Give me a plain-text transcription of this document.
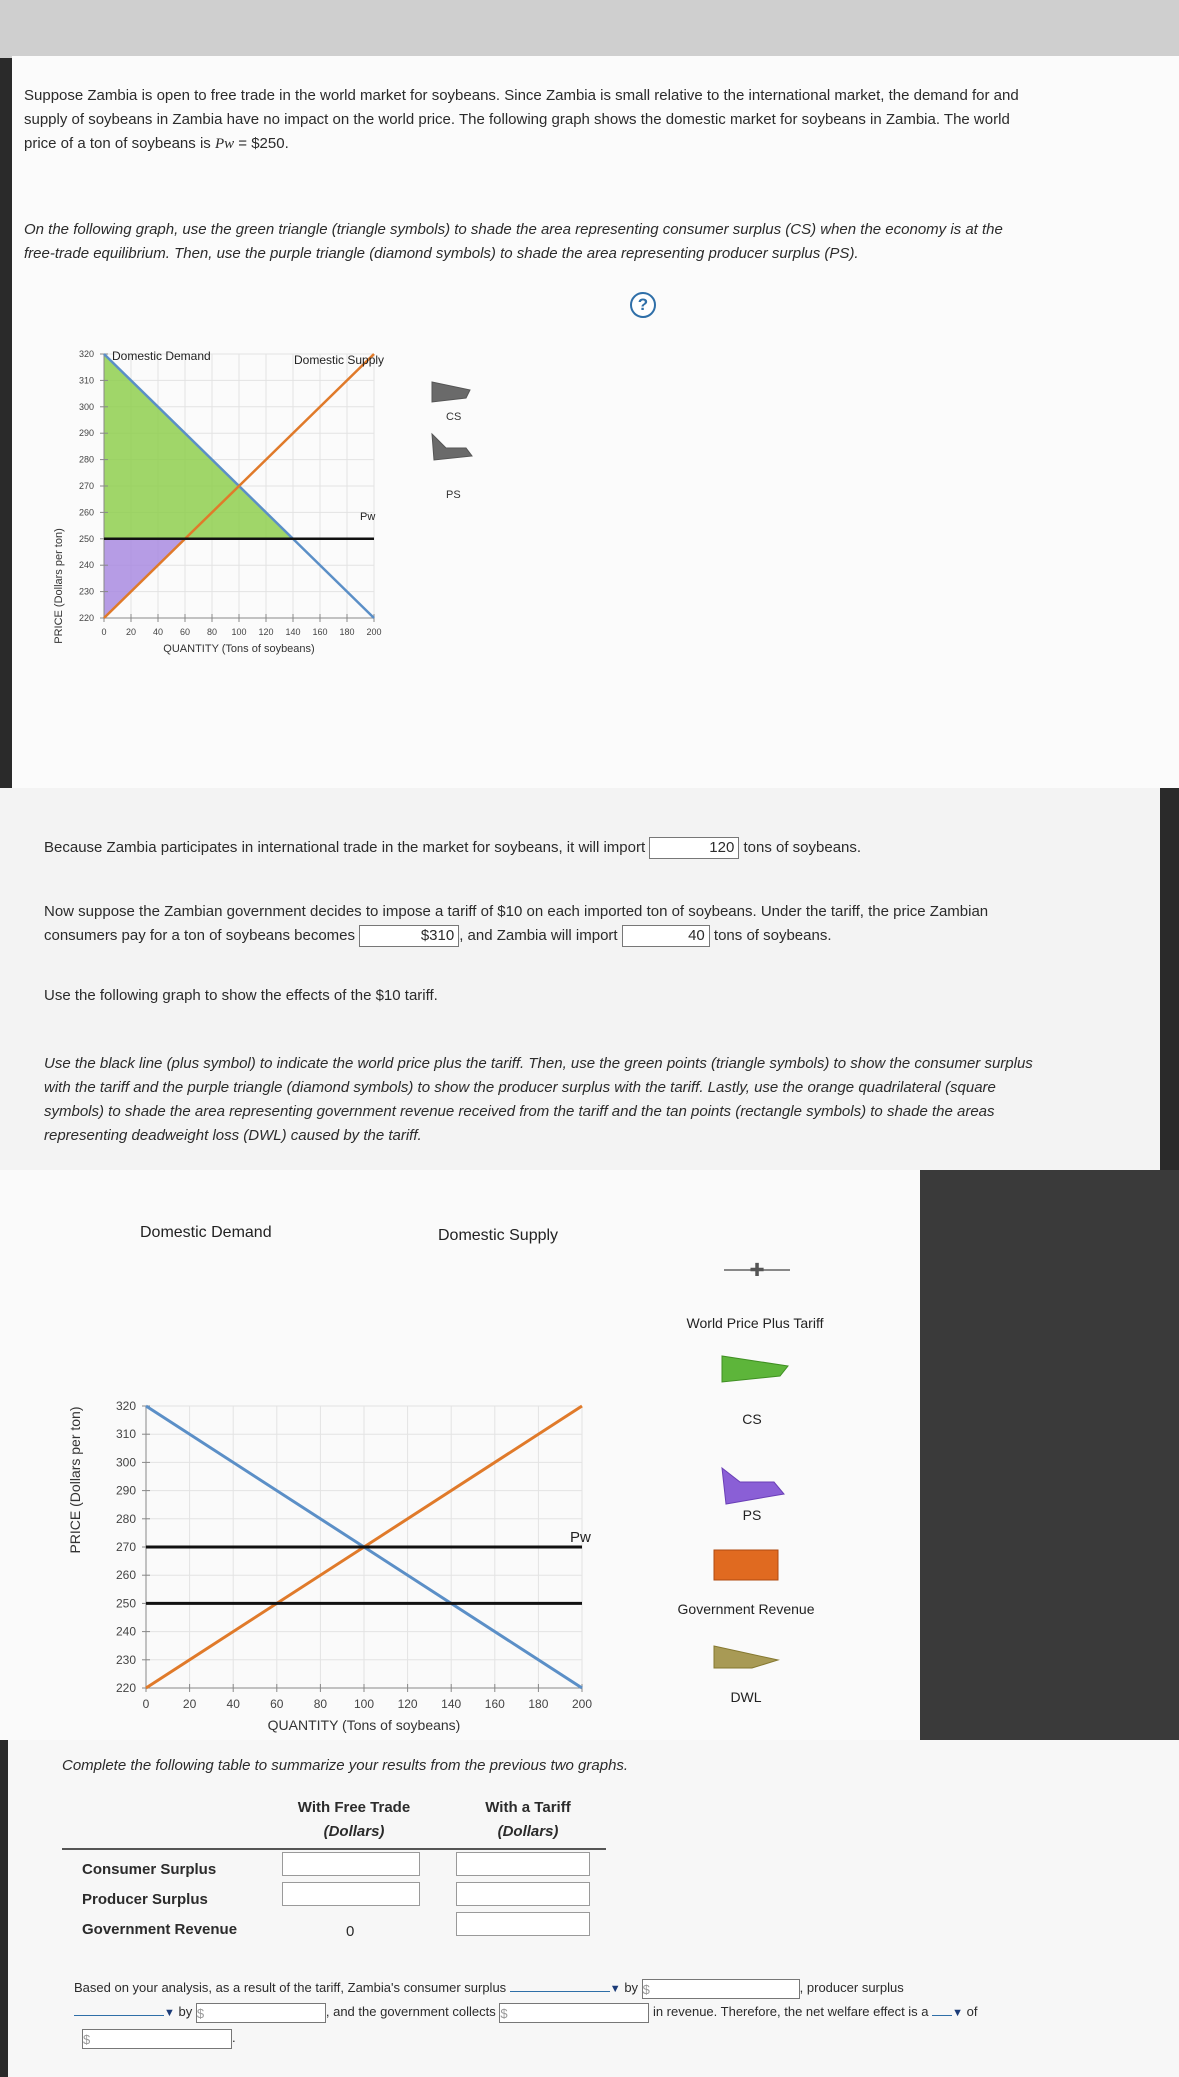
Suppose Zambia is open to free trade in the world market for soybeans. Since Zambia is small relative to the international market, the demand for and
supply of soybeans in Zambia have no impact on the world price. The following graph shows the domestic market for soybeans in Zambia. The world
price of a ton of soybeans is Pw = $250.
On the following graph, use the green triangle (triangle symbols) to shade the area representing consumer surplus (CS) when the economy is at the
free-trade equilibrium. Then, use the purple triangle (diamond symbols) to shade the area representing producer surplus (PS).
?
PRICE (Dollars per ton) 220
230
240
250
260
270
280
290
300
310
320
0 20 40 60 80 100 120 140 160 180 200
Domestic Demand	Domestic Supply
Pw
QUANTITY (Tons of soybeans)
CS
PS
Because Zambia participates in international trade in the market for soybeans, it will import	120 tons of soybeans.
Now suppose the Zambian government decides to impose a tariff of $10 on each imported ton of soybeans. Under the tariff, the price Zambian
consumers pay for a ton of soybeans becomes	$310 , and Zambia will import	40 tons of soybeans.
Use the following graph to show the effects of the $10 tariff.
Use the black line (plus symbol) to indicate the world price plus the tariff. Then, use the green points (triangle symbols) to show the consumer surplus
with the tariff and the purple triangle (diamond symbols) to show the producer surplus with the tariff. Lastly, use the orange quadrilateral (square
symbols) to shade the area representing government revenue received from the tariff and the tan points (rectangle symbols) to shade the areas
representing deadweight loss (DWL) caused by the tariff.
PRICE (Dollars per ton)
220
230
240
250
260
270
280
290
300
310
320
0	20	40	60	80 100 120 140 160 180 200
Domestic Demand	Domestic Supply
Pw
QUANTITY (Tons of soybeans)
✚
World Price Plus Tariff
CS
PS
Government Revenue
DWL
Complete the following table to summarize your results from the previous two graphs.
With Free Trade
(Dollars)
With a Tariff
(Dollars)
Consumer Surplus
Producer Surplus
Government Revenue	0
Based on your analysis, as a result of the tariff, Zambia's consumer surplus	▼ by $	, producer surplus
▼ by $	, and the government collects $	in revenue. Therefore, the net welfare effect is a ▼ of
$	.
